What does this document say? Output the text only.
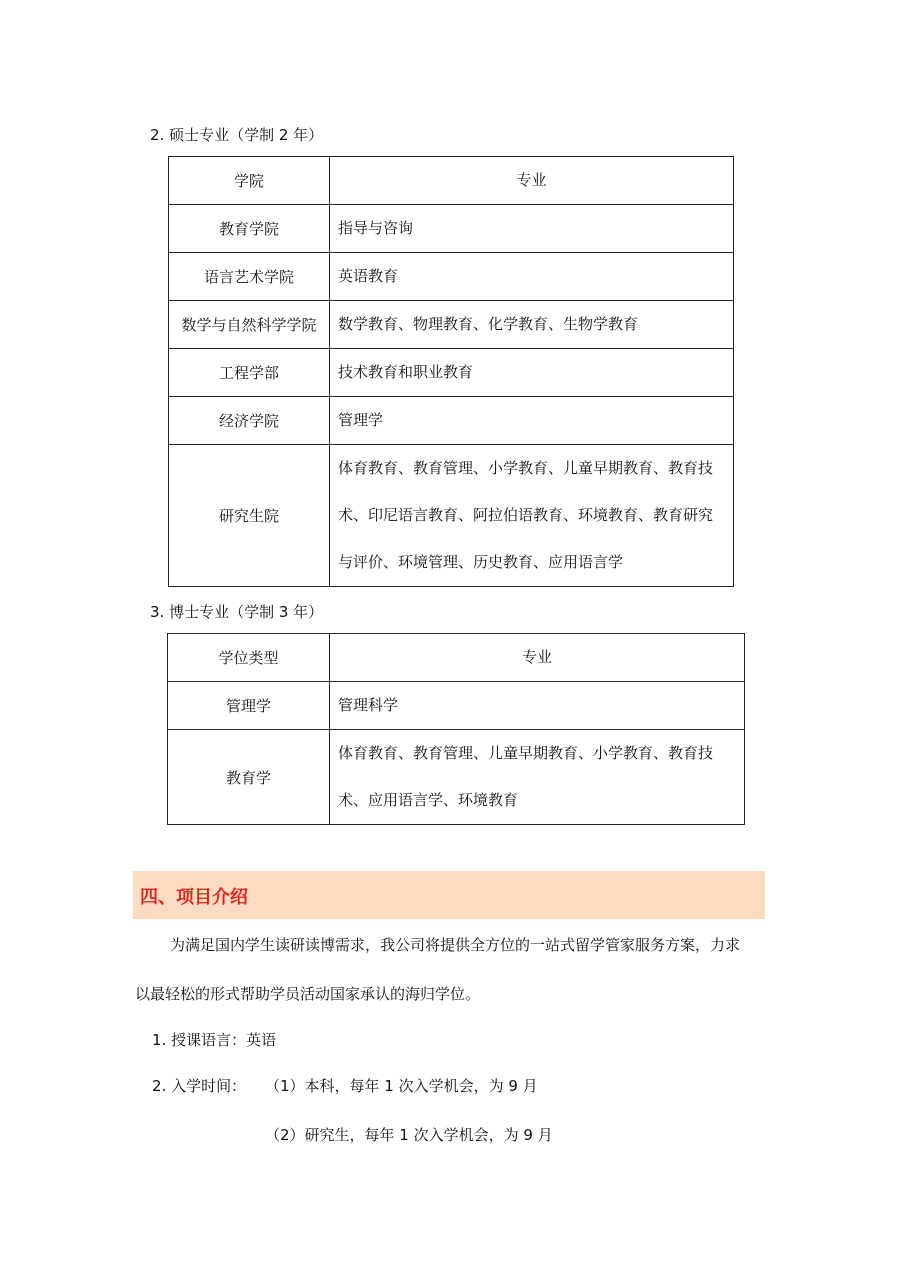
2. 硕士专业（学制 2 年）
学院	专业
教育学院	指导与咨询
语言艺术学院	英语教育
数学与自然科学学院	数学教育、物理教育、化学教育、生物学教育
工程学部	技术教育和职业教育
经济学院	管理学
研究生院	体育教育、教育管理、小学教育、儿童早期教育、教育技术、印尼语言教育、阿拉伯语教育、环境教育、教育研究与评价、环境管理、历史教育、应用语言学
3. 博士专业（学制 3 年）
学位类型	专业
管理学	管理科学
教育学	体育教育、教育管理、儿童早期教育、小学教育、教育技术、应用语言学、环境教育
四、项目介绍
为满足国内学生读研读博需求，我公司将提供全方位的一站式留学管家服务方案，力求
以最轻松的形式帮助学员活动国家承认的海归学位。
1. 授课语言：英语
2. 入学时间： （1）本科，每年 1 次入学机会，为 9 月
（2）研究生，每年 1 次入学机会，为 9 月
